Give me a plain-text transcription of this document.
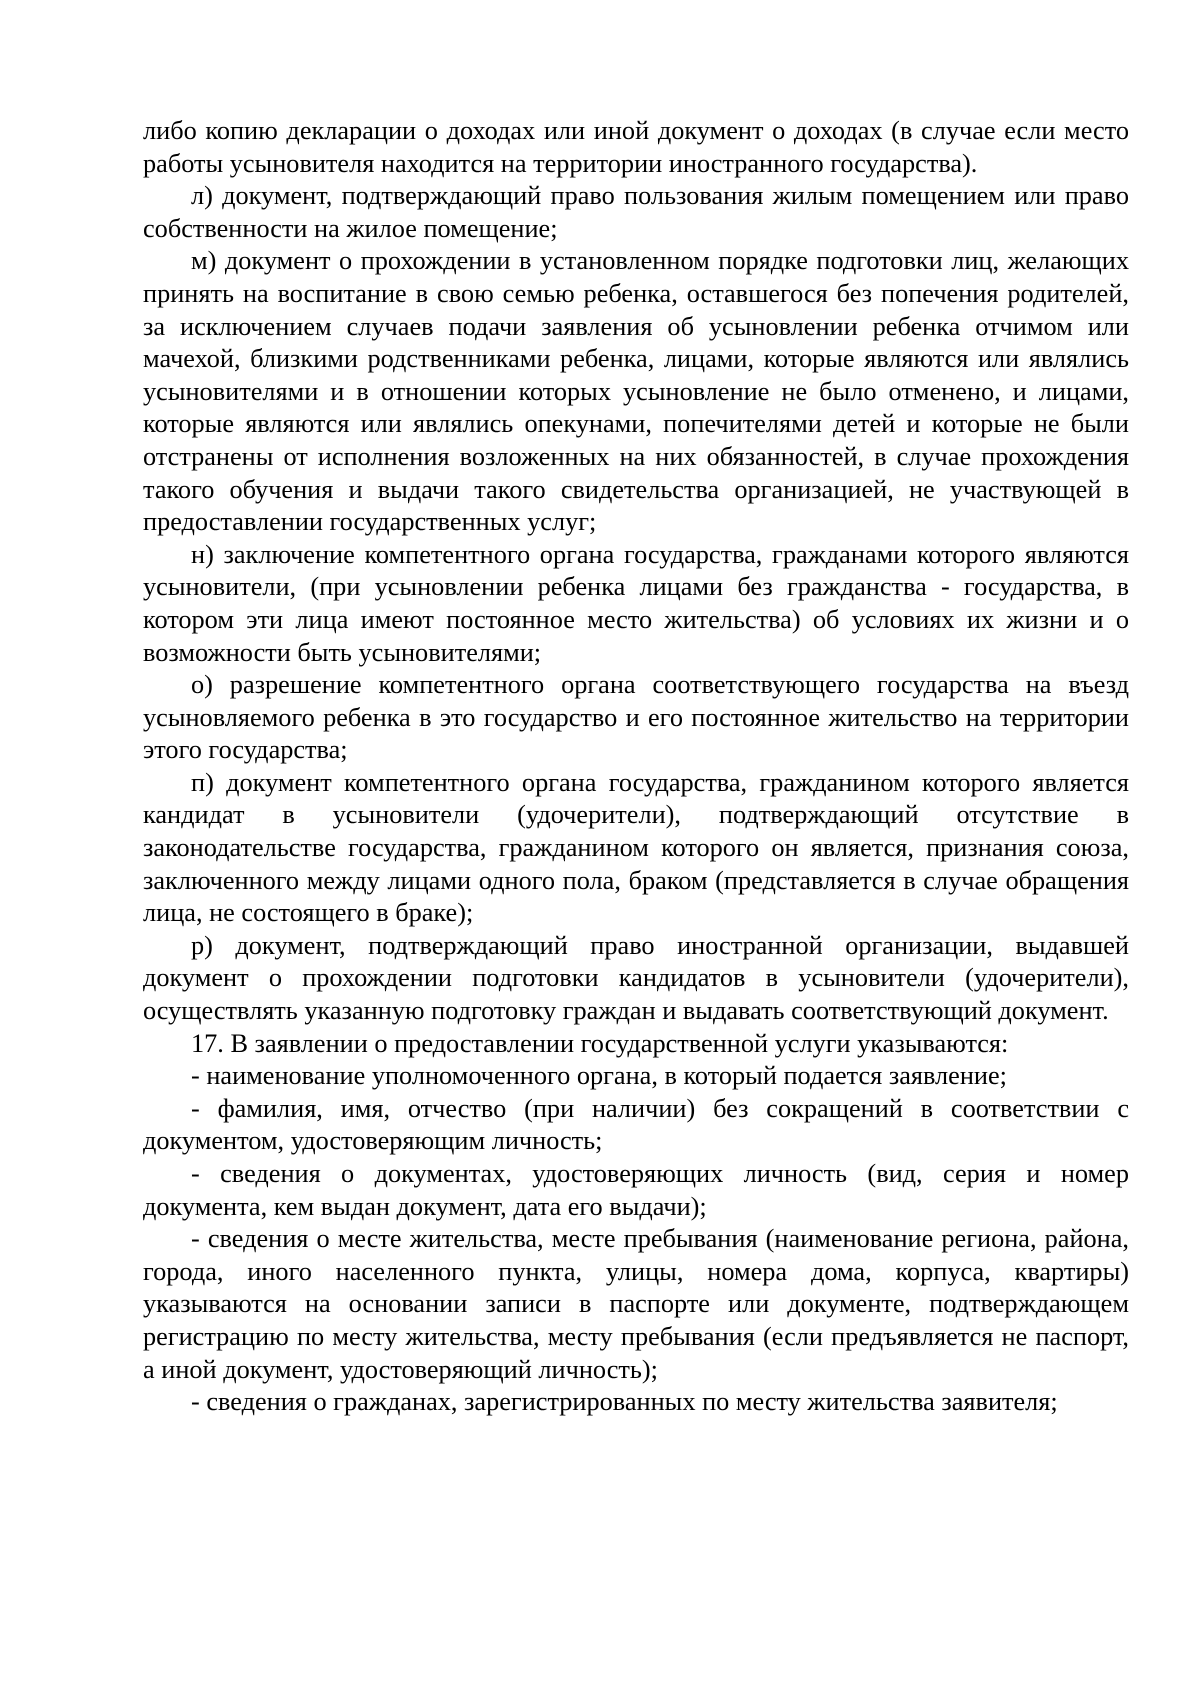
либо копию декларации о доходах или иной документ о доходах (в случае если место работы усыновителя находится на территории иностранного государства).

л) документ, подтверждающий право пользования жилым помещением или право собственности на жилое помещение;

м) документ о прохождении в установленном порядке подготовки лиц, желающих принять на воспитание в свою семью ребенка, оставшегося без попечения родителей, за исключением случаев подачи заявления об усыновлении ребенка отчимом или мачехой, близкими родственниками ребенка, лицами, которые являются или являлись усыновителями и в отношении которых усыновление не было отменено, и лицами, которые являются или являлись опекунами, попечителями детей и которые не были отстранены от исполнения возложенных на них обязанностей, в случае прохождения такого обучения и выдачи такого свидетельства организацией, не участвующей в предоставлении государственных услуг;

н) заключение компетентного органа государства, гражданами которого являются усыновители, (при усыновлении ребенка лицами без гражданства - государства, в котором эти лица имеют постоянное место жительства) об условиях их жизни и о возможности быть усыновителями;

о) разрешение компетентного органа соответствующего государства на въезд усыновляемого ребенка в это государство и его постоянное жительство на территории этого государства;

п) документ компетентного органа государства, гражданином которого является кандидат в усыновители (удочерители), подтверждающий отсутствие в законодательстве государства, гражданином которого он является, признания союза, заключенного между лицами одного пола, браком (представляется в случае обращения лица, не состоящего в браке);

р) документ, подтверждающий право иностранной организации, выдавшей документ о прохождении подготовки кандидатов в усыновители (удочерители), осуществлять указанную подготовку граждан и выдавать соответствующий документ.

17. В заявлении о предоставлении государственной услуги указываются:

- наименование уполномоченного органа, в который подается заявление;

- фамилия, имя, отчество (при наличии) без сокращений в соответствии с документом, удостоверяющим личность;

- сведения о документах, удостоверяющих личность (вид, серия и номер документа, кем выдан документ, дата его выдачи);

- сведения о месте жительства, месте пребывания (наименование региона, района, города, иного населенного пункта, улицы, номера дома, корпуса, квартиры) указываются на основании записи в паспорте или документе, подтверждающем регистрацию по месту жительства, месту пребывания (если предъявляется не паспорт, а иной документ, удостоверяющий личность);

- сведения о гражданах, зарегистрированных по месту жительства заявителя;
